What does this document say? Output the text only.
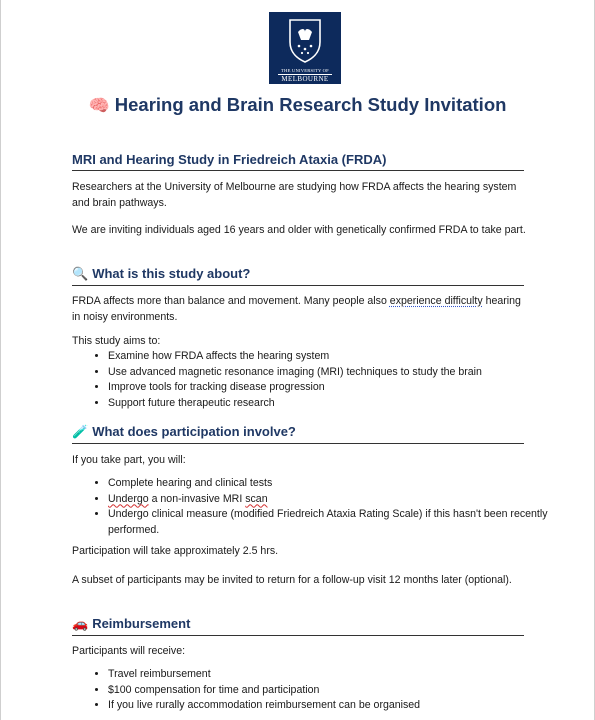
THE UNIVERSITY OF
MELBOURNE
🧠 Hearing and Brain Research Study Invitation
MRI and Hearing Study in Friedreich Ataxia (FRDA)
Researchers at the University of Melbourne are studying how FRDA affects the hearing system and brain pathways.
We are inviting individuals aged 16 years and older with genetically confirmed FRDA to take part.
🔍 What is this study about?
FRDA affects more than balance and movement. Many people also experience difficulty hearing in noisy environments.
This study aims to:
• Examine how FRDA affects the hearing system
• Use advanced magnetic resonance imaging (MRI) techniques to study the brain
• Improve tools for tracking disease progression
• Support future therapeutic research
🧪 What does participation involve?
If you take part, you will:
• Complete hearing and clinical tests
• Undergo a non-invasive MRI scan
• Undergo clinical measure (modified Friedreich Ataxia Rating Scale) if this hasn't been recently performed.
Participation will take approximately 2.5 hrs.
A subset of participants may be invited to return for a follow-up visit 12 months later (optional).
🚗 Reimbursement
Participants will receive:
• Travel reimbursement
• $100 compensation for time and participation
• If you live rurally accommodation reimbursement can be organised
